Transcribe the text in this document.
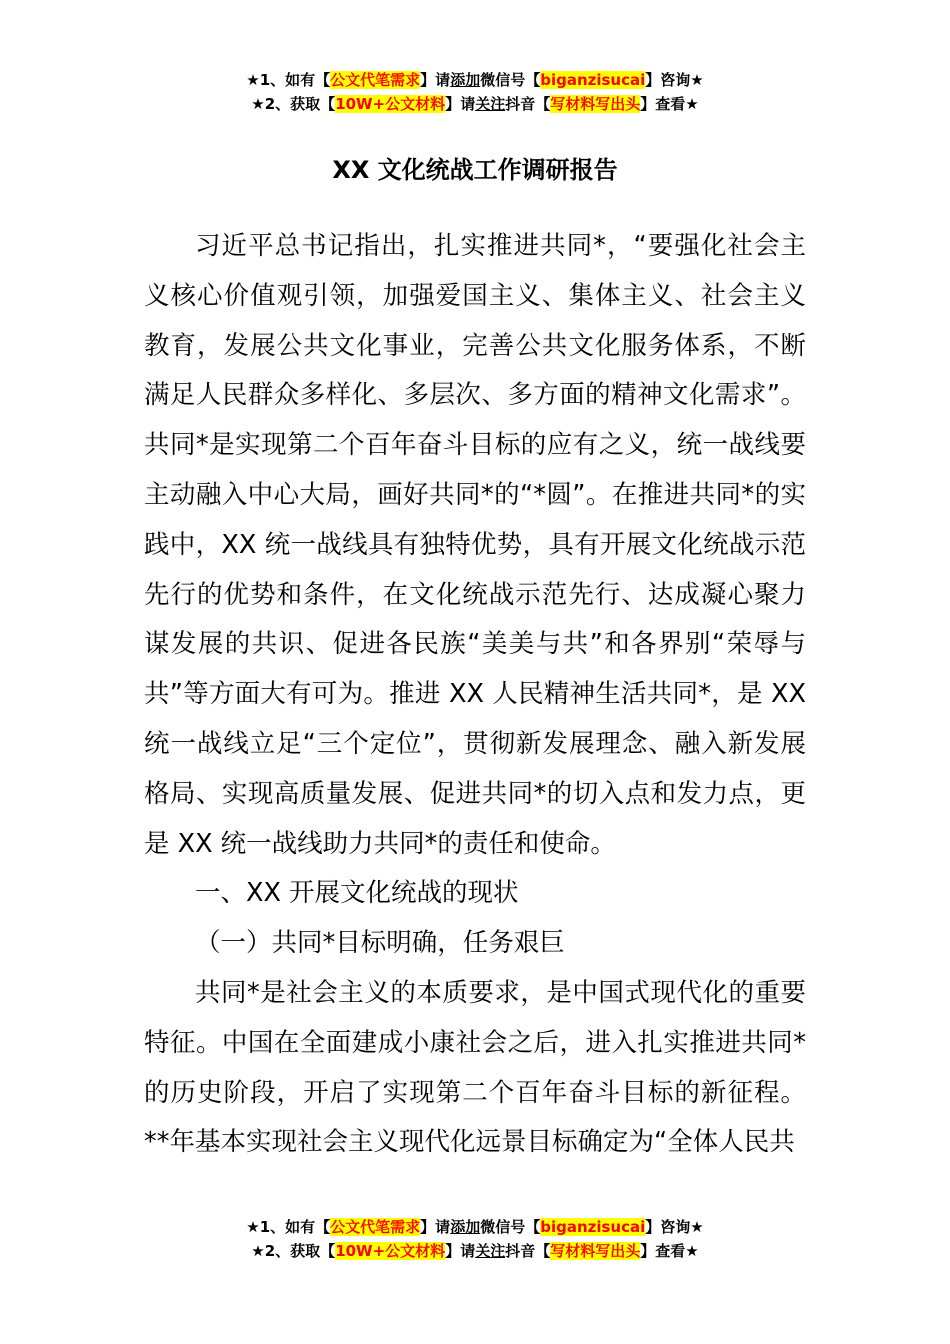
★1、如有【公文代笔需求】请添加微信号【biganzisucai】咨询★
★2、获取【10W+公文材料】请关注抖音【写材料写出头】查看★
XX 文化统战工作调研报告

习近平总书记指出，扎实推进共同*，“要强化社会主义核心价值观引领，加强爱国主义、集体主义、社会主义教育，发展公共文化事业，完善公共文化服务体系，不断满足人民群众多样化、多层次、多方面的精神文化需求”。共同*是实现第二个百年奋斗目标的应有之义，统一战线要主动融入中心大局，画好共同*的“*圆”。在推进共同*的实践中，XX 统一战线具有独特优势，具有开展文化统战示范先行的优势和条件，在文化统战示范先行、达成凝心聚力谋发展的共识、促进各民族“美美与共”和各界别“荣辱与共”等方面大有可为。推进 XX 人民精神生活共同*，是 XX 统一战线立足“三个定位”，贯彻新发展理念、融入新发展格局、实现高质量发展、促进共同*的切入点和发力点，更是 XX 统一战线助力共同*的责任和使命。

一、XX 开展文化统战的现状

（一）共同*目标明确，任务艰巨

共同*是社会主义的本质要求，是中国式现代化的重要特征。中国在全面建成小康社会之后，进入扎实推进共同*的历史阶段，开启了实现第二个百年奋斗目标的新征程。**年基本实现社会主义现代化远景目标确定为“全体人民共

★1、如有【公文代笔需求】请添加微信号【biganzisucai】咨询★
★2、获取【10W+公文材料】请关注抖音【写材料写出头】查看★
